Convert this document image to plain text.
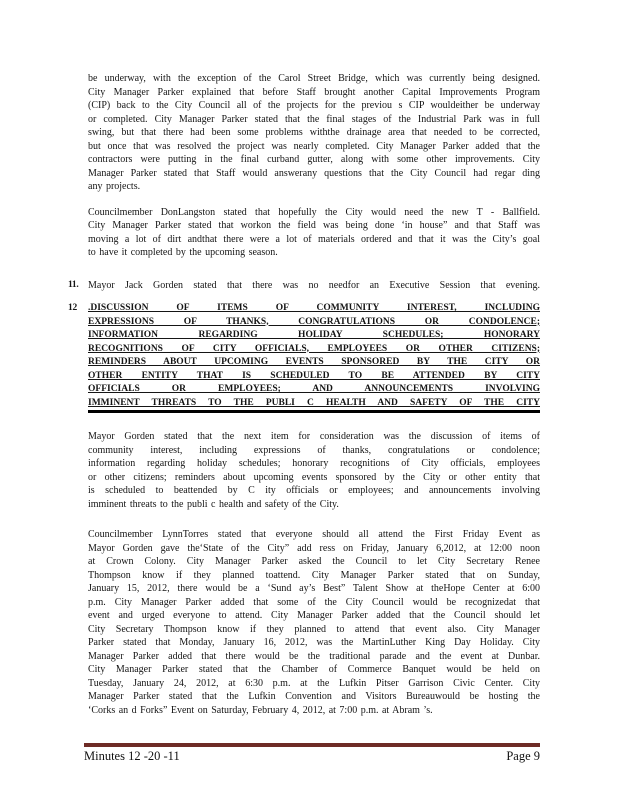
be underway, with the exception of the Carol Street Bridge, which was currently being designed.
City Manager Parker explained that before Staff brought another Capital Improvements Program
(CIP) back to the City Council all of the projects for the previou s CIP wouldeither be underway
or completed. City Manager Parker stated that the final stages of the Industrial Park was in full
swing, but that there had been some problems withthe drainage area that needed to be corrected,
but once that was resolved the project was nearly completed. City Manager Parker added that the
contractors were putting in the final curband gutter, along with some other improvements. City
Manager Parker stated that Staff would answerany questions that the City Council had regar ding
any projects.
Councilmember DonLangston stated that hopefully the City would need the new T - Ballfield.
City Manager Parker stated that workon the field was being done ‘in house” and that Staff was
moving a lot of dirt andthat there were a lot of materials ordered and that it was the City’s goal
to have it completed by the upcoming season.
11. Mayor Jack Gorden stated that there was no needfor an Executive Session that evening.
12 .DISCUSSION OF ITEMS OF COMMUNITY INTEREST, INCLUDING
EXPRESSIONS OF THANKS, CONGRATULATIONS OR CONDOLENCE;
INFORMATION REGARDING HOLIDAY SCHEDULES; HONORARY
RECOGNITIONS OF CITY OFFICIALS, EMPLOYEES OR OTHER CITIZENS;
REMINDERS ABOUT UPCOMING EVENTS SPONSORED BY THE CITY OR
OTHER ENTITY THAT IS SCHEDULED TO BE ATTENDED BY CITY
OFFICIALS OR EMPLOYEES; AND ANNOUNCEMENTS INVOLVING
IMMINENT THREATS TO THE PUBLI C HEALTH AND SAFETY OF THE CITY
Mayor Gorden stated that the next item for consideration was the discussion of items of
community interest, including expressions of thanks, congratulations or condolence;
information regarding holiday schedules; honorary recognitions of City officials, employees
or other citizens; reminders about upcoming events sponsored by the City or other entity that
is scheduled to beattended by C ity officials or employees; and announcements involving
imminent threats to the publi c health and safety of the City.
Councilmember LynnTorres stated that everyone should all attend the First Friday Event as
Mayor Gorden gave the‘State of the City” add ress on Friday, January 6,2012, at 12:00 noon
at Crown Colony. City Manager Parker asked the Council to let City Secretary Renee
Thompson know if they planned toattend. City Manager Parker stated that on Sunday,
January 15, 2012, there would be a ‘Sund ay’s Best” Talent Show at theHope Center at 6:00
p.m. City Manager Parker added that some of the City Council would be recognizedat that
event and urged everyone to attend. City Manager Parker added that the Council should let
City Secretary Thompson know if they planned to attend that event also. City Manager
Parker stated that Monday, January 16, 2012, was the MartinLuther King Day Holiday. City
Manager Parker added that there would be the traditional parade and the event at Dunbar.
City Manager Parker stated that the Chamber of Commerce Banquet would be held on
Tuesday, January 24, 2012, at 6:30 p.m. at the Lufkin Pitser Garrison Civic Center. City
Manager Parker stated that the Lufkin Convention and Visitors Bureauwould be hosting the
‘Corks an d Forks” Event on Saturday, February 4, 2012, at 7:00 p.m. at Abram ’s.
Minutes 12 -20 -11	Page 9
